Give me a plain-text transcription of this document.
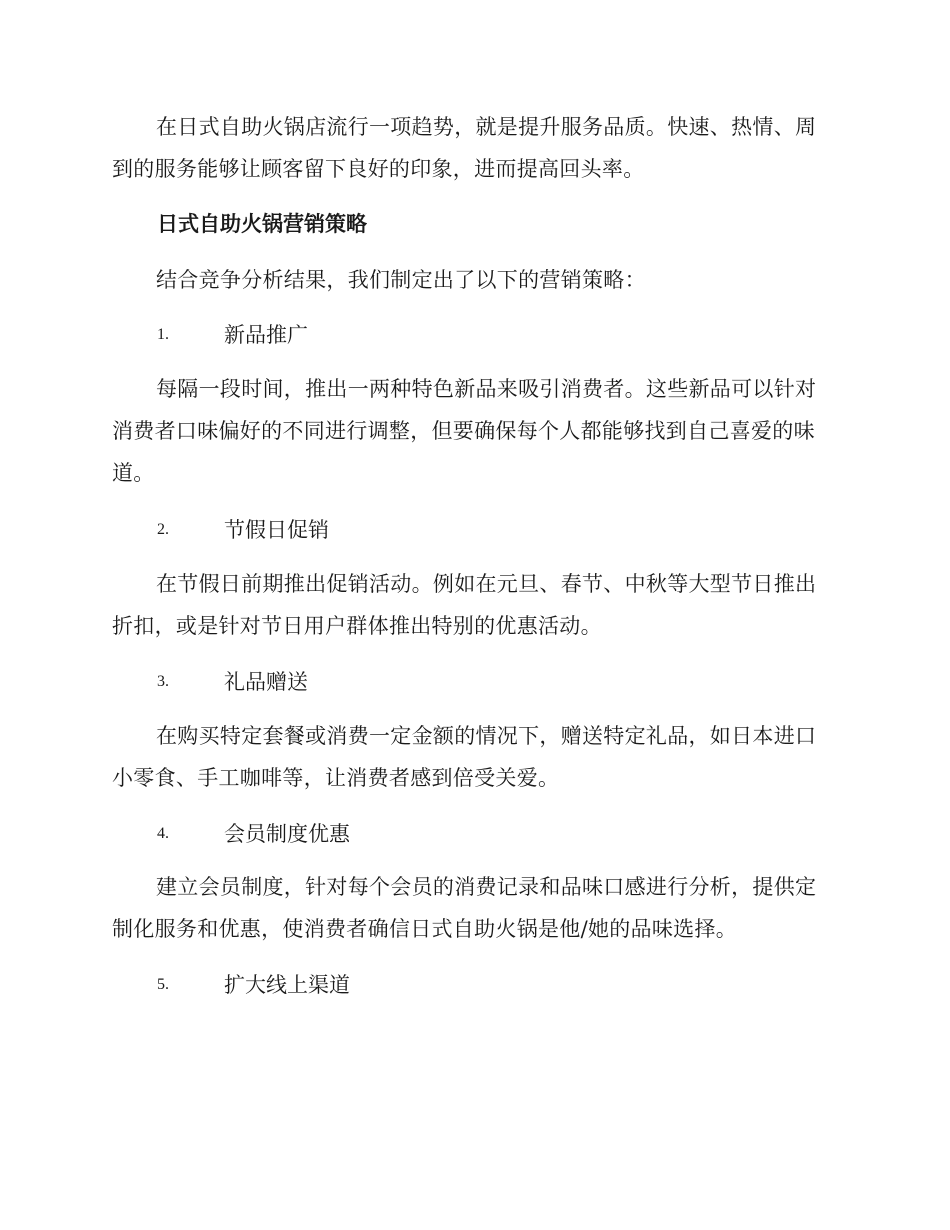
在日式自助火锅店流行一项趋势，就是提升服务品质。快速、热情、周到的服务能够让顾客留下良好的印象，进而提高回头率。

日式自助火锅营销策略

结合竞争分析结果，我们制定出了以下的营销策略：

1.	新品推广

每隔一段时间，推出一两种特色新品来吸引消费者。这些新品可以针对消费者口味偏好的不同进行调整，但要确保每个人都能够找到自己喜爱的味道。

2.	节假日促销

在节假日前期推出促销活动。例如在元旦、春节、中秋等大型节日推出折扣，或是针对节日用户群体推出特别的优惠活动。

3.	礼品赠送

在购买特定套餐或消费一定金额的情况下，赠送特定礼品，如日本进口小零食、手工咖啡等，让消费者感到倍受关爱。

4.	会员制度优惠

建立会员制度，针对每个会员的消费记录和品味口感进行分析，提供定制化服务和优惠，使消费者确信日式自助火锅是他/她的品味选择。

5.	扩大线上渠道
